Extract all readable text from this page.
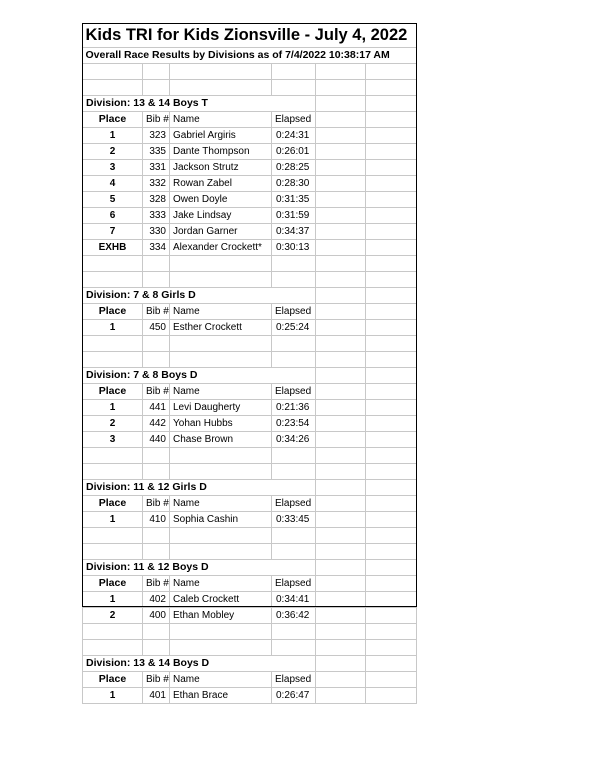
Kids TRI for Kids Zionsville - July 4, 2022					
Overall Race Results by Divisions as of 7/4/2022 10:38:17 AM					

Division: 13 & 14 Boys T					
Place	Bib #	Name	Elapsed		
1	323	Gabriel Argiris	0:24:31		
2	335	Dante Thompson	0:26:01		
3	331	Jackson Strutz	0:28:25		
4	332	Rowan Zabel	0:28:30		
5	328	Owen Doyle	0:31:35		
6	333	Jake Lindsay	0:31:59		
7	330	Jordan Garner	0:34:37		
EXHB	334	Alexander Crockett*	0:30:13		

Division: 7 & 8 Girls D					
Place	Bib #	Name	Elapsed		
1	450	Esther Crockett	0:25:24		

Division: 7 & 8 Boys D					
Place	Bib #	Name	Elapsed		
1	441	Levi Daugherty	0:21:36		
2	442	Yohan Hubbs	0:23:54		
3	440	Chase Brown	0:34:26		

Division: 11 & 12 Girls D					
Place	Bib #	Name	Elapsed		
1	410	Sophia Cashin	0:33:45		

Division: 11 & 12 Boys D					
Place	Bib #	Name	Elapsed		
1	402	Caleb Crockett	0:34:41		
2	400	Ethan Mobley	0:36:42		

Division: 13 & 14 Boys D					
Place	Bib #	Name	Elapsed		
1	401	Ethan Brace	0:26:47		
